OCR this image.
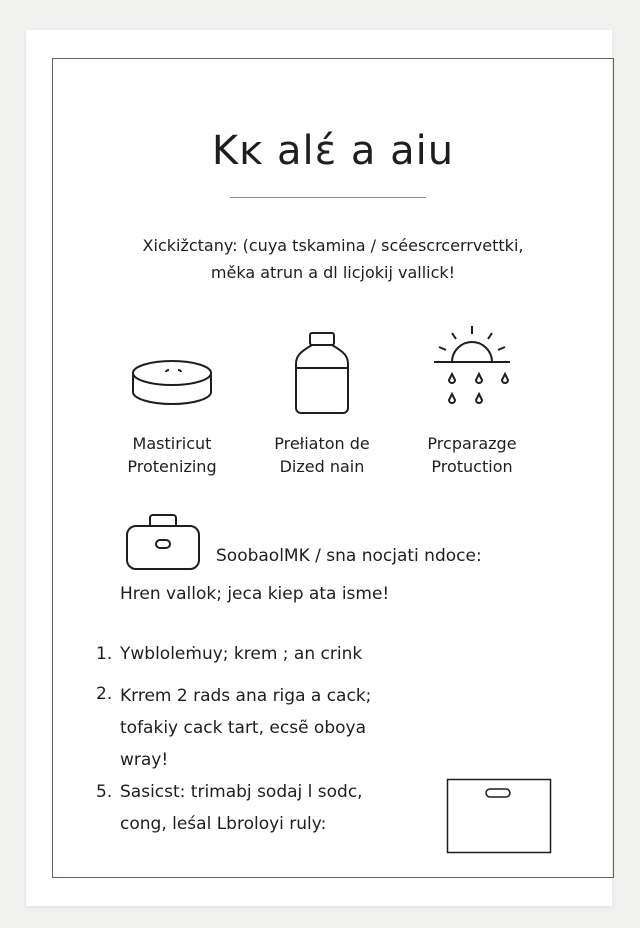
Kĸ alɛ́ a aiu
Xickižctany: (cuya tskamina / scéescrcerrvettki,
měka atrun a dl licjokij vallick!
Mastiricut
Protenizing
Prełiaton de
Dized nain
Prcparazge
Protuction
SoobaolMK / sna nocjati ndoce:
Hren vallok; jeca kiep ata isme!
1. Ywbloleṁuy; krem ; an crink
2. Krrem 2 rads ana riga a cack;
tofakiy cack tart, ecsẽ oboya
wray!
5. Sasicst: trimabj sodaj l sodc,
cong, leśal Lbroloyi ruly:
